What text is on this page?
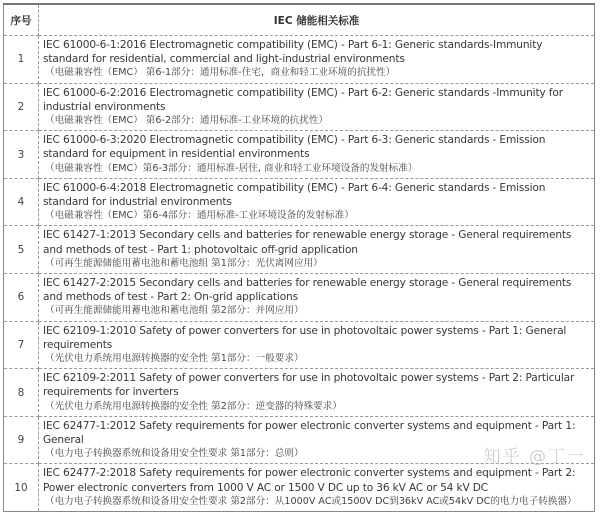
序号	IEC 储能相关标准
1	IEC 61000-6-1:2016 Electromagnetic compatibility (EMC) - Part 6-1: Generic standards-Immunity standard for residential, commercial and light-industrial environments
（电磁兼容性（EMC） 第6-1部分：通用标准-住宅，商业和轻工业环境的抗扰性）

2	IEC 61000-6-2:2016 Electromagnetic compatibility (EMC) - Part 6-2: Generic standards -Immunity for industrial environments
（电磁兼容性（EMC） 第6-2部分：通用标准-工业环境的抗扰性）

3	IEC 61000-6-3:2020 Electromagnetic compatibility (EMC) - Part 6-3: Generic standards - Emission standard for equipment in residential environments
（电磁兼容性（EMC）第6-3部分：通用标准-居住, 商业和轻工业环境设备的发射标准）

4	IEC 61000-6-4:2018 Electromagnetic compatibility (EMC) - Part 6-4: Generic standards - Emission standard for industrial environments
（电磁兼容性（EMC）第6-4部分：通用标准-工业环境设备的发射标准）

5	IEC 61427-1:2013 Secondary cells and batteries for renewable energy storage - General requirements and methods of test - Part 1: photovoltaic off-grid application
（可再生能源储能用蓄电池和蓄电池组 第1部分：光伏离网应用）

6	IEC 61427-2:2015 Secondary cells and batteries for renewable energy storage - General requirements and methods of test - Part 2: On-grid applications
（可再生能源储能用蓄电池和蓄电池组 第2部分：并网应用）

7	IEC 62109-1:2010 Safety of power converters for use in photovoltaic power systems - Part 1: General requirements
（光伏电力系统用电源转换器的安全性 第1部分：一般要求）

8	IEC 62109-2:2011 Safety of power converters for use in photovoltaic power systems - Part 2: Particular requirements for inverters
（光伏电力系统用电源转换器的安全性 第2部分：逆变器的特殊要求）

9	IEC 62477-1:2012 Safety requirements for power electronic converter systems and equipment - Part 1: General
（电力电子转换器系统和设备用安全性要求 第1部分：总则）

10	IEC 62477-2:2018 Safety requirements for power electronic converter systems and equipment - Part 2: Power electronic converters from 1000 V AC or 1500 V DC up to 36 kV AC or 54 kV DC
（电力电子转换器系统和设备用安全性要求 第2部分：从1000V AC或1500V DC到36kV AC或54kV DC的电力电子转换器）
知乎 @丁一
